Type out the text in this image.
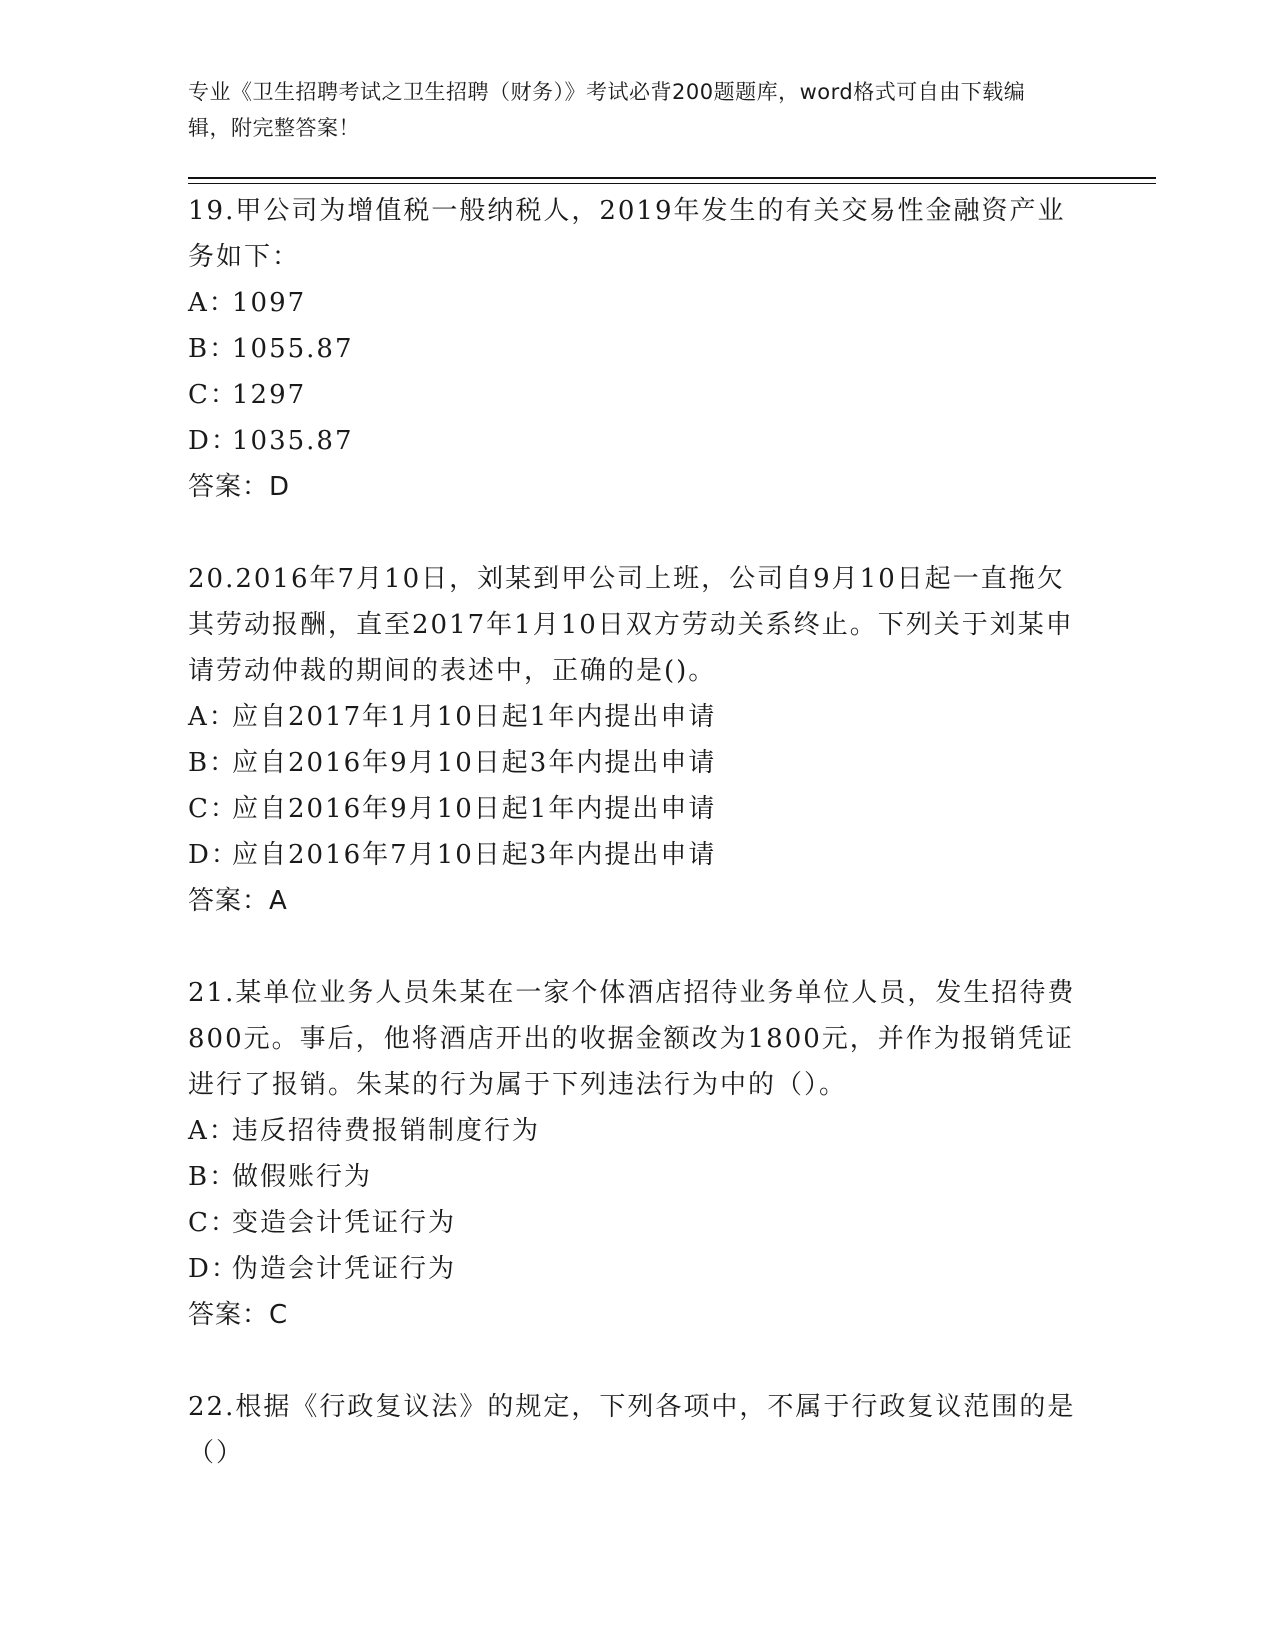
专业《卫生招聘考试之卫生招聘（财务）》考试必背200题题库，word格式可自由下载编辑，附完整答案！
19.甲公司为增值税一般纳税人，2019年发生的有关交易性金融资产业务如下：
A：1097
B：1055.87
C：1297
D：1035.87
答案：D
20.2016年7月10日，刘某到甲公司上班，公司自9月10日起一直拖欠其劳动报酬，直至2017年1月10日双方劳动关系终止。下列关于刘某申请劳动仲裁的期间的表述中，正确的是()。
A：应自2017年1月10日起1年内提出申请
B：应自2016年9月10日起3年内提出申请
C：应自2016年9月10日起1年内提出申请
D：应自2016年7月10日起3年内提出申请
答案：A
21.某单位业务人员朱某在一家个体酒店招待业务单位人员，发生招待费800元。事后，他将酒店开出的收据金额改为1800元，并作为报销凭证进行了报销。朱某的行为属于下列违法行为中的（）。
A：违反招待费报销制度行为
B：做假账行为
C：变造会计凭证行为
D：伪造会计凭证行为
答案：C
22.根据《行政复议法》的规定，下列各项中，不属于行政复议范围的是（）
